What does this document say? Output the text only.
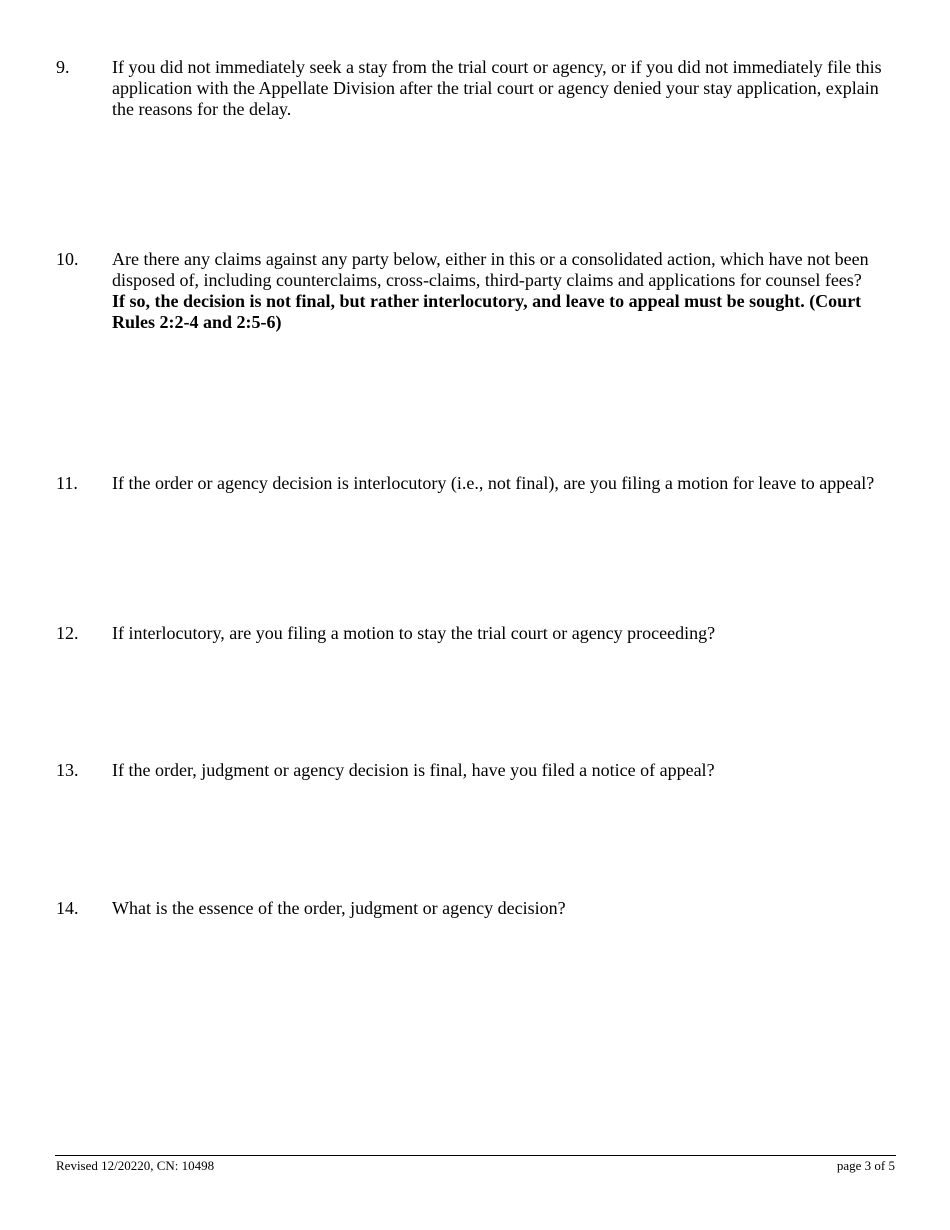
9.	If you did not immediately seek a stay from the trial court or agency, or if you did not immediately file this application with the Appellate Division after the trial court or agency denied your stay application, explain the reasons for the delay.
10.	Are there any claims against any party below, either in this or a consolidated action, which have not been disposed of, including counterclaims, cross-claims, third-party claims and applications for counsel fees?
If so, the decision is not final, but rather interlocutory, and leave to appeal must be sought. (Court Rules 2:2-4 and 2:5-6)
11.	If the order or agency decision is interlocutory (i.e., not final), are you filing a motion for leave to appeal?
12.	If interlocutory, are you filing a motion to stay the trial court or agency proceeding?
13.	If the order, judgment or agency decision is final, have you filed a notice of appeal?
14.	What is the essence of the order, judgment or agency decision?
Revised 12/20220, CN: 10498	page 3 of 5
